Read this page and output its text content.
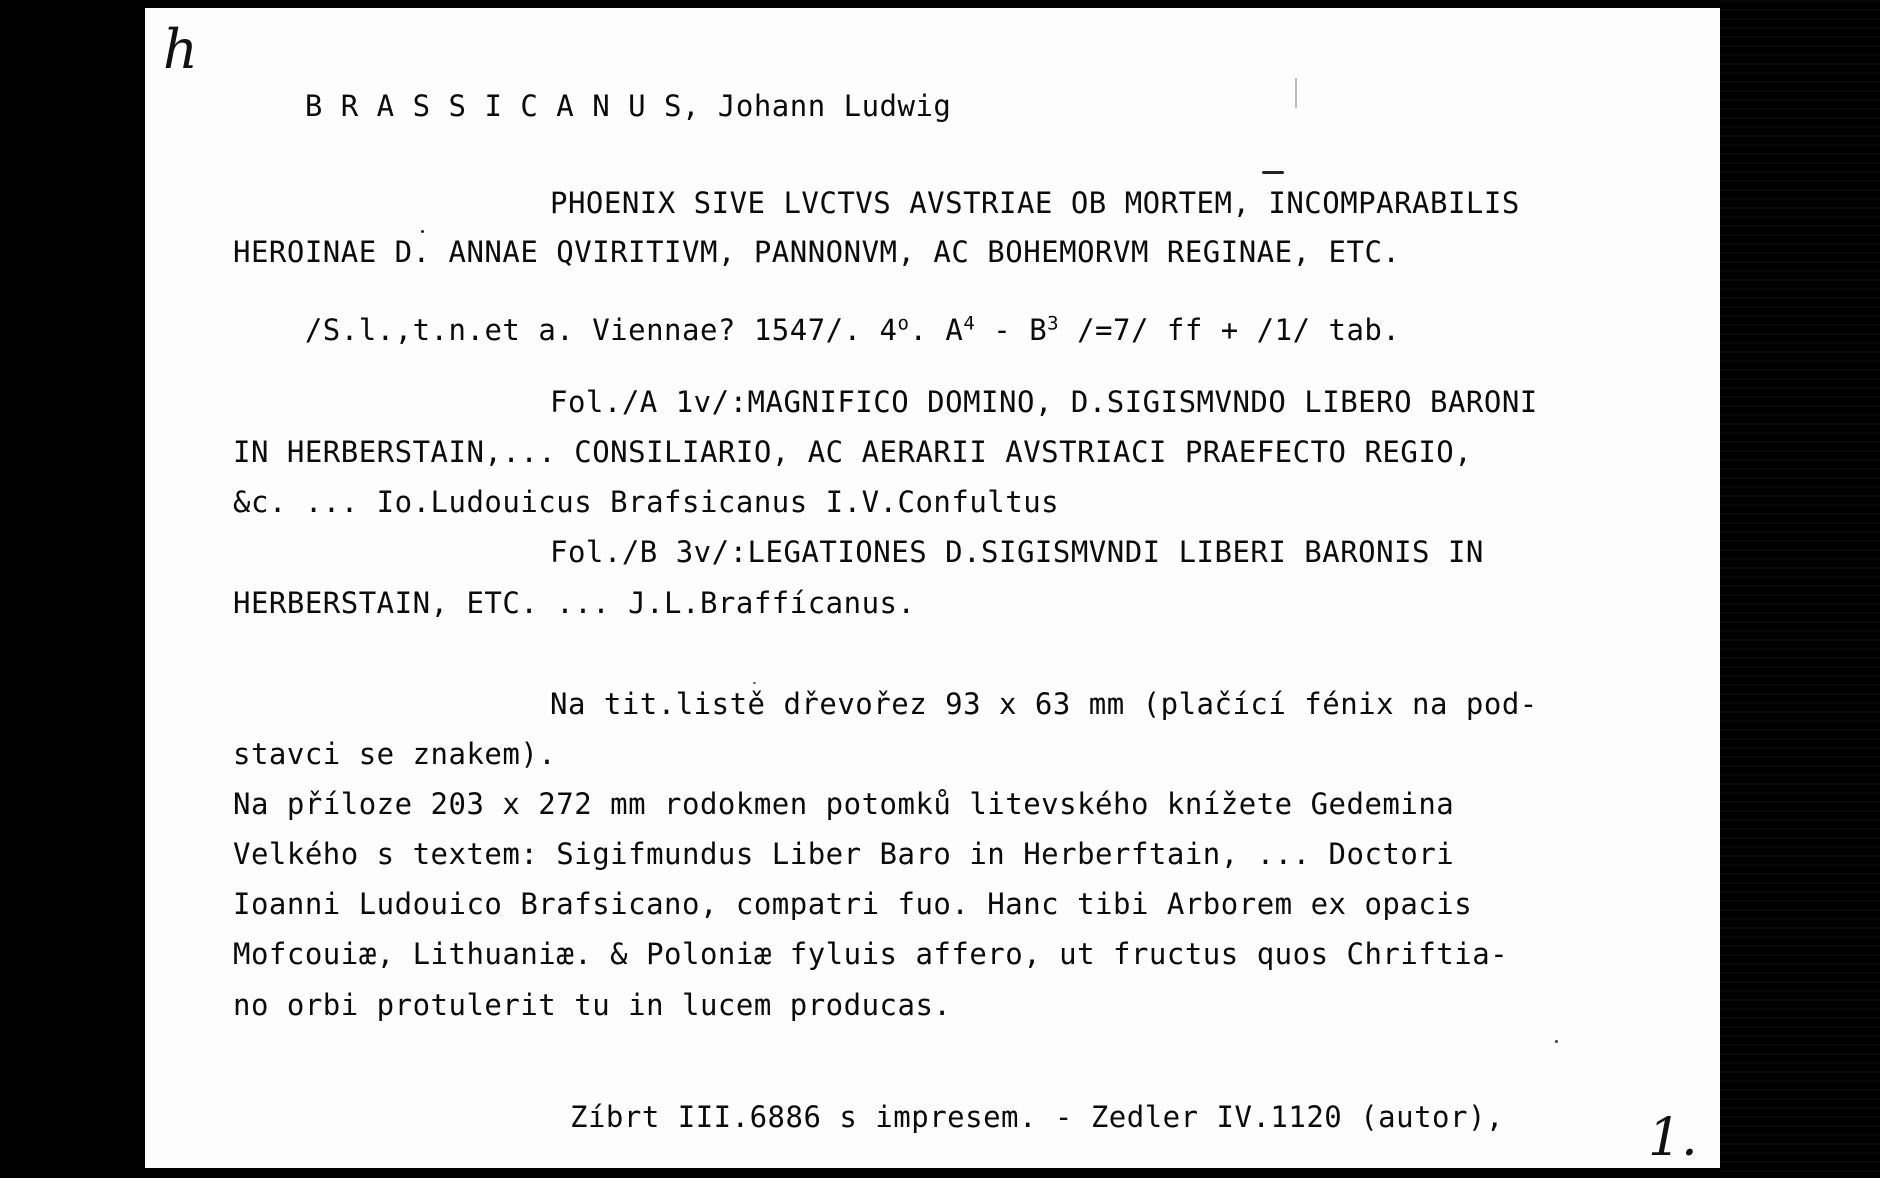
B R A S S I C A N U S, Johann Ludwig

PHOENIX SIVE LVCTVS AVSTRIAE OB MORTEM, INCOMPARABILIS
HEROINAE D. ANNAE QVIRITIVM, PANNONVM, AC BOHEMORVM REGINAE, ETC.

/S.l.,t.n.et a. Viennae? 1547/. 4$^o$. $A^4 - B^3$ /=7/ ff + /1/ tab.

Fol./A 1v/:MAGNIFICO DOMINO, D.SIGISMVNDO LIBERO BARONI
IN HERBERSTAIN,... CONSILIARIO, AC AERARII AVSTRIACI PRAEFECTO REGIO,
&c. ... Io.Ludouicus Brafsicanus I.V.Confultus
Fol./B 3v/:LEGATIONES D.SIGISMVNDI LIBERI BARONIS IN
HERBERSTAIN, ETC. ... J.L.Braffícanus.
Na tit.listě dřevořez 93 x 63 mm (plačící fénix na pod-
stavci se znakem).
Na příloze 203 x 272 mm rodokmen potomků litevského knížete Gedemina
Velkého s textem: Sigifmundus Liber Baro in Herberftain, ... Doctori
Ioanni Ludouico Brafsicano, compatri fuo. Hanc tibi Arborem ex opacis
Mofcouiæ, Lithuaniæ. & Poloniæ fyluis affero, ut fructus quos Chriftia-
no orbi protulerit tu in lucem producas.
Zíbrt III.6886 s impresem. - Zedler IV.1120 (autor),
h
1.
